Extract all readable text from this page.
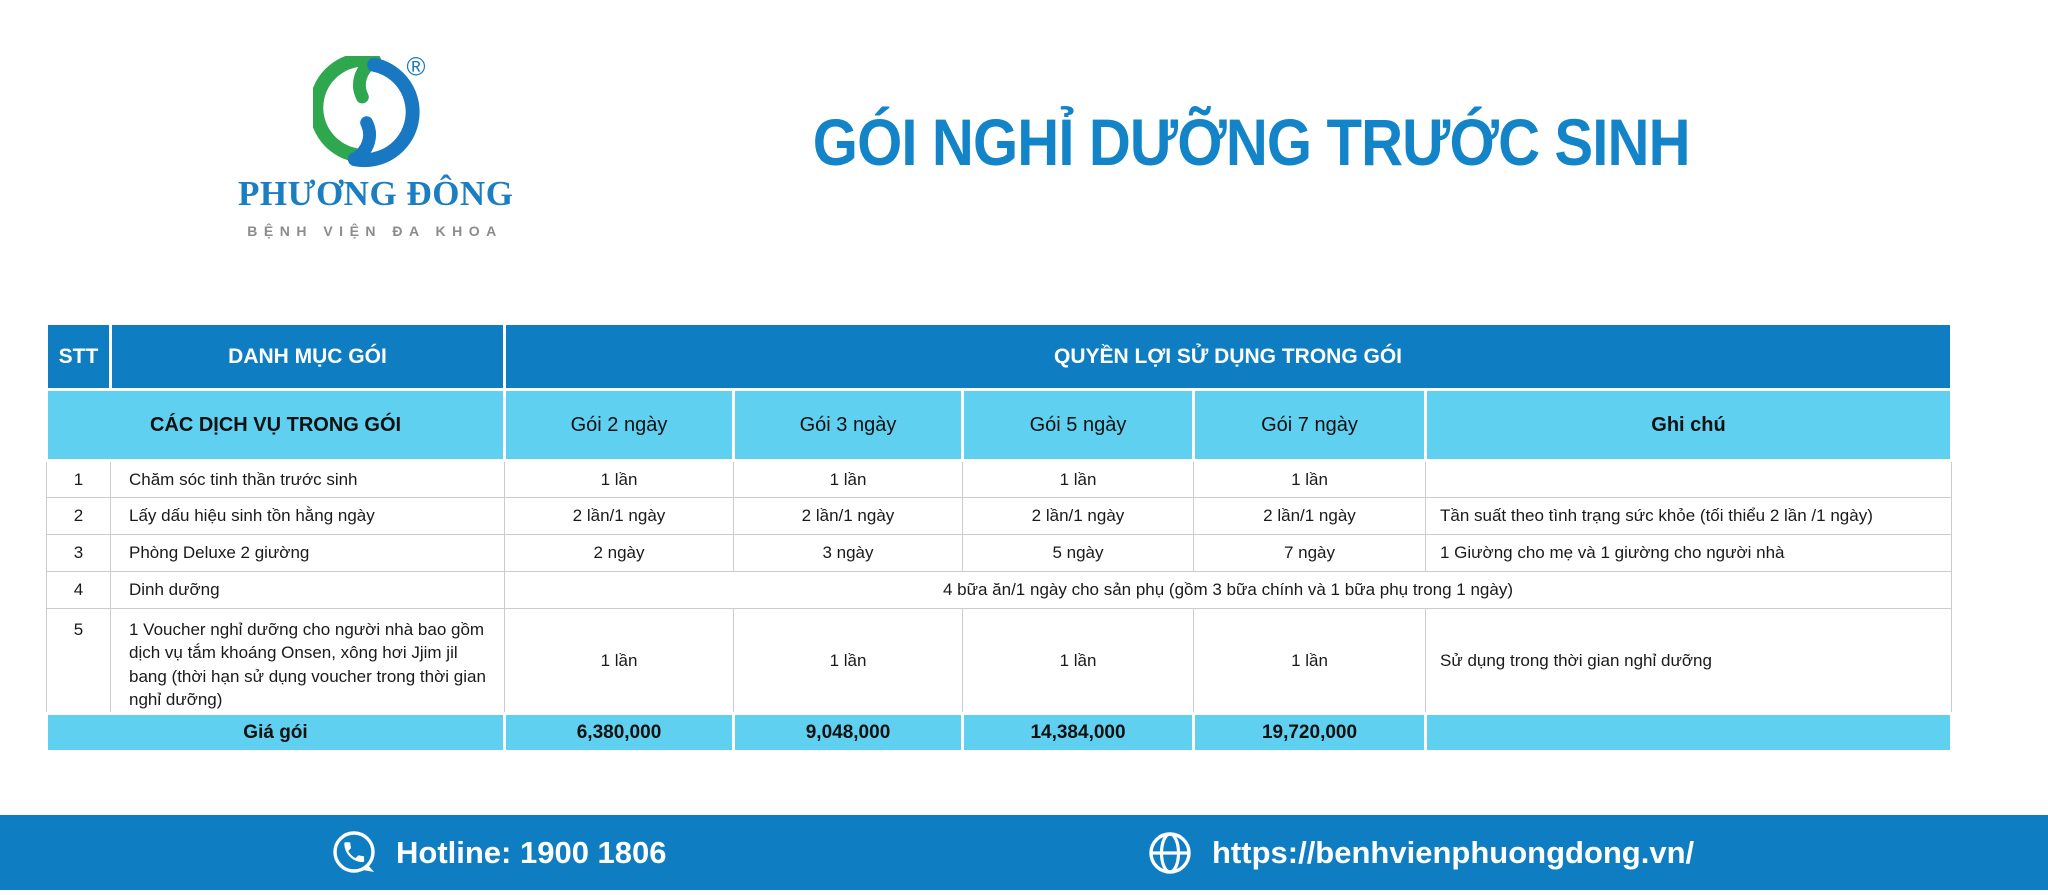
®
PHƯƠNG ĐÔNG
BỆNH VIỆN ĐA KHOA
GÓI NGHỈ DƯỠNG TRƯỚC SINH
STT	DANH MỤC GÓI	QUYỀN LỢI SỬ DỤNG TRONG GÓI				
CÁC DỊCH VỤ TRONG GÓI		Gói 2 ngày	Gói 3 ngày	Gói 5 ngày	Gói 7 ngày	Ghi chú
1	Chăm sóc tinh thần trước sinh	1 lần	1 lần	1 lần	1 lần	
2	Lấy dấu hiệu sinh tồn hằng ngày	2 lần/1 ngày	2 lần/1 ngày	2 lần/1 ngày	2 lần/1 ngày	Tần suất theo tình trạng sức khỏe (tối thiểu 2 lần /1 ngày)
3	Phòng Deluxe 2 giường	2 ngày	3 ngày	5 ngày	7 ngày	1 Giường cho mẹ và 1 giường cho người nhà
4	Dinh dưỡng	4 bữa ăn/1 ngày cho sản phụ (gồm 3 bữa chính và 1 bữa phụ trong 1 ngày)				
5	1 Voucher nghỉ dưỡng cho người nhà bao gồm dịch vụ tắm khoáng Onsen, xông hơi Jjim jil bang (thời hạn sử dụng voucher trong thời gian nghỉ dưỡng)	1 lần	1 lần	1 lần	1 lần	Sử dụng trong thời gian nghỉ dưỡng
Giá gói		6,380,000	9,048,000	14,384,000	19,720,000	
Hotline: 1900 1806	https://benhvienphuongdong.vn/
